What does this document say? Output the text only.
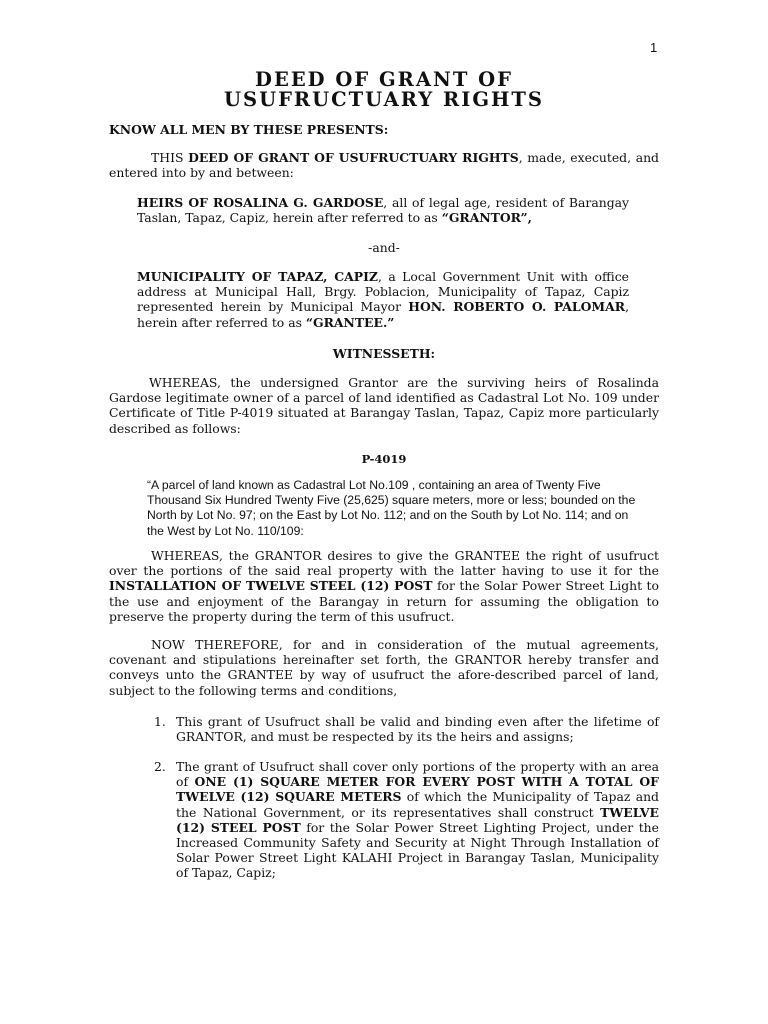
1
DEED OF GRANT OF
USUFRUCTUARY RIGHTS
KNOW ALL MEN BY THESE PRESENTS:
THIS DEED OF GRANT OF USUFRUCTUARY RIGHTS, made, executed, and entered into by and between:
HEIRS OF ROSALINA G. GARDOSE, all of legal age, resident of Barangay Taslan, Tapaz, Capiz, herein after referred to as “GRANTOR”,
-and-
MUNICIPALITY OF TAPAZ, CAPIZ, a Local Government Unit with office address at Municipal Hall, Brgy. Poblacion, Municipality of Tapaz, Capiz represented herein by Municipal Mayor HON. ROBERTO O. PALOMAR, herein after referred to as “GRANTEE.”
WITNESSETH:
WHEREAS, the undersigned Grantor are the surviving heirs of Rosalinda Gardose legitimate owner of a parcel of land identified as Cadastral Lot No. 109 under Certificate of Title P-4019 situated at Barangay Taslan, Tapaz, Capiz more particularly described as follows:
P-4019
“A parcel of land known as Cadastral Lot No.109 , containing an area of Twenty Five Thousand Six Hundred Twenty Five (25,625) square meters, more or less; bounded on the North by Lot No. 97; on the East by Lot No. 112; and on the South by Lot No. 114; and on the West by Lot No. 110/109:
WHEREAS, the GRANTOR desires to give the GRANTEE the right of usufruct over the portions of the said real property with the latter having to use it for the INSTALLATION OF TWELVE STEEL (12) POST for the Solar Power Street Light to the use and enjoyment of the Barangay in return for assuming the obligation to preserve the property during the term of this usufruct.
NOW THEREFORE, for and in consideration of the mutual agreements, covenant and stipulations hereinafter set forth, the GRANTOR hereby transfer and conveys unto the GRANTEE by way of usufruct the afore-described parcel of land, subject to the following terms and conditions,
1. This grant of Usufruct shall be valid and binding even after the lifetime of GRANTOR, and must be respected by its the heirs and assigns;
2. The grant of Usufruct shall cover only portions of the property with an area of ONE (1) SQUARE METER FOR EVERY POST WITH A TOTAL OF TWELVE (12) SQUARE METERS of which the Municipality of Tapaz and the National Government, or its representatives shall construct TWELVE (12) STEEL POST for the Solar Power Street Lighting Project, under the Increased Community Safety and Security at Night Through Installation of Solar Power Street Light KALAHI Project in Barangay Taslan, Municipality of Tapaz, Capiz;
